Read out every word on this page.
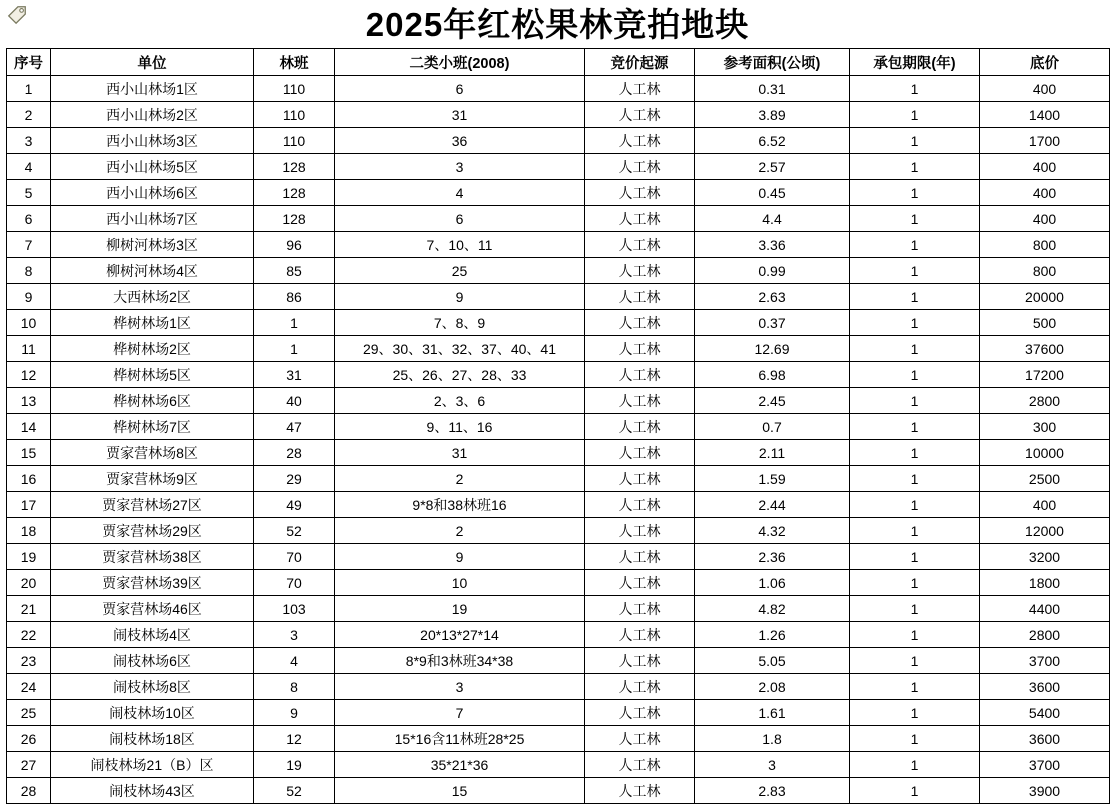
2025年红松果林竞拍地块
序号	单位	林班	二类小班(2008)	竞价起源	参考面积(公顷)	承包期限(年)	底价
1	西小山林场1区	110	6	人工林	0.31	1	400
2	西小山林场2区	110	31	人工林	3.89	1	1400
3	西小山林场3区	110	36	人工林	6.52	1	1700
4	西小山林场5区	128	3	人工林	2.57	1	400
5	西小山林场6区	128	4	人工林	0.45	1	400
6	西小山林场7区	128	6	人工林	4.4	1	400
7	柳树河林场3区	96	7、10、11	人工林	3.36	1	800
8	柳树河林场4区	85	25	人工林	0.99	1	800
9	大西林场2区	86	9	人工林	2.63	1	20000
10	桦树林场1区	1	7、8、9	人工林	0.37	1	500
11	桦树林场2区	1	29、30、31、32、37、40、41	人工林	12.69	1	37600
12	桦树林场5区	31	25、26、27、28、33	人工林	6.98	1	17200
13	桦树林场6区	40	2、3、6	人工林	2.45	1	2800
14	桦树林场7区	47	9、11、16	人工林	0.7	1	300
15	贾家营林场8区	28	31	人工林	2.11	1	10000
16	贾家营林场9区	29	2	人工林	1.59	1	2500
17	贾家营林场27区	49	9*8和38林班16	人工林	2.44	1	400
18	贾家营林场29区	52	2	人工林	4.32	1	12000
19	贾家营林场38区	70	9	人工林	2.36	1	3200
20	贾家营林场39区	70	10	人工林	1.06	1	1800
21	贾家营林场46区	103	19	人工林	4.82	1	4400
22	闹枝林场4区	3	20*13*27*14	人工林	1.26	1	2800
23	闹枝林场6区	4	8*9和3林班34*38	人工林	5.05	1	3700
24	闹枝林场8区	8	3	人工林	2.08	1	3600
25	闹枝林场10区	9	7	人工林	1.61	1	5400
26	闹枝林场18区	12	15*16含11林班28*25	人工林	1.8	1	3600
27	闹枝林场21（B）区	19	35*21*36	人工林	3	1	3700
28	闹枝林场43区	52	15	人工林	2.83	1	3900
